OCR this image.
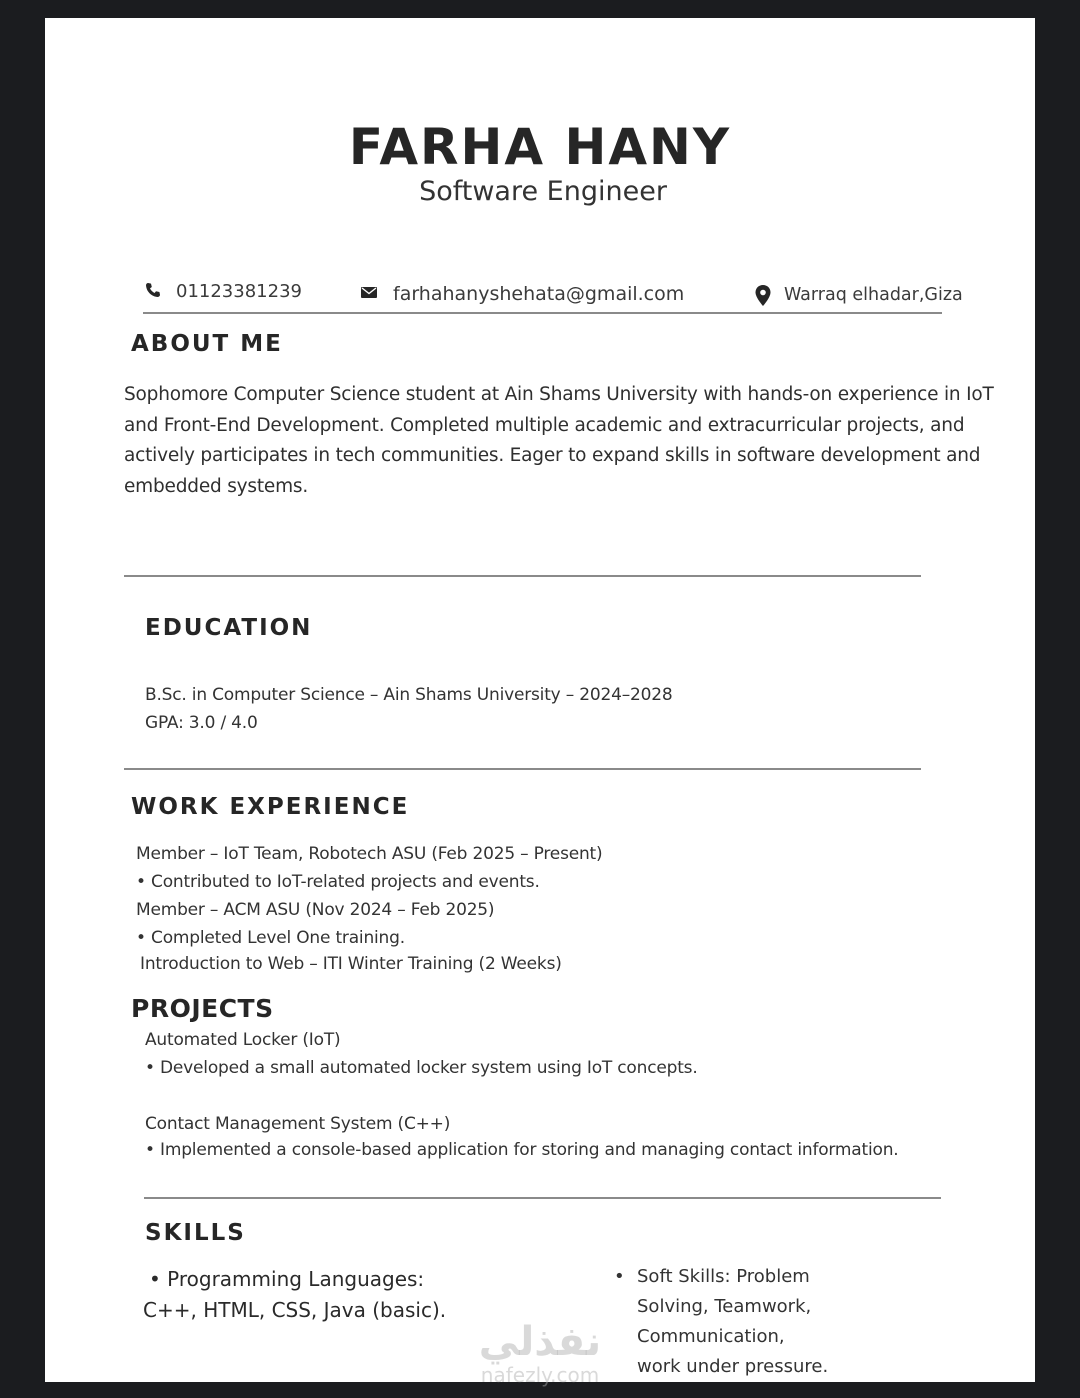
FARHA HANY
Software Engineer
01123381239	farhahanyshehata@gmail.com	Warraq elhadar,Giza
ABOUT ME

Sophomore Computer Science student at Ain Shams University with hands-on experience in IoT and Front-End Development. Completed multiple academic and extracurricular projects, and actively participates in tech communities. Eager to expand skills in software development and embedded systems.

EDUCATION
B.Sc. in Computer Science – Ain Shams University – 2024–2028
GPA: 3.0 / 4.0
WORK EXPERIENCE
Member – IoT Team, Robotech ASU (Feb 2025 – Present)
• Contributed to IoT-related projects and events.
Member – ACM ASU (Nov 2024 – Feb 2025)
• Completed Level One training.
Introduction to Web – ITI Winter Training (2 Weeks)
PROJECTS
Automated Locker (IoT)
• Developed a small automated locker system using IoT concepts.
Contact Management System (C++)
• Implemented a console-based application for storing and managing contact information.
SKILLS
• Programming Languages:
C++, HTML, CSS, Java (basic).
• Soft Skills: Problem
Solving, Teamwork,
Communication,
work under pressure.
نفذلي
nafezly.com
